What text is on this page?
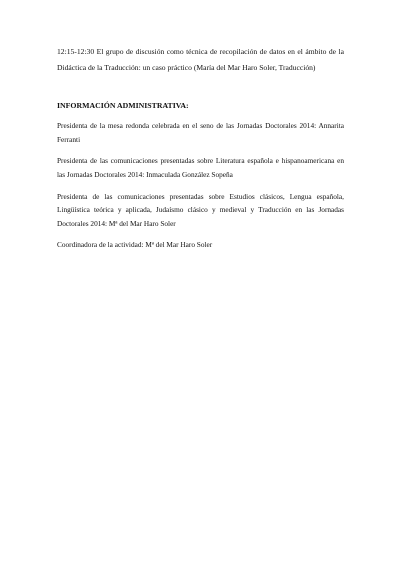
12:15-12:30 El grupo de discusión como técnica de recopilación de datos en el ámbito de la Didáctica de la Traducción: un caso práctico (María del Mar Haro Soler, Traducción)

INFORMACIÓN ADMINISTRATIVA:

Presidenta de la mesa redonda celebrada en el seno de las Jornadas Doctorales 2014: Annarita Ferranti

Presidenta de las comunicaciones presentadas sobre Literatura española e hispanoamericana en las Jornadas Doctorales 2014: Inmaculada González Sopeña

Presidenta de las comunicaciones presentadas sobre Estudios clásicos, Lengua española, Lingüística teórica y aplicada, Judaísmo clásico y medieval y Traducción en las Jornadas Doctorales 2014: Mª del Mar Haro Soler

Coordinadora de la actividad: Mª del Mar Haro Soler
